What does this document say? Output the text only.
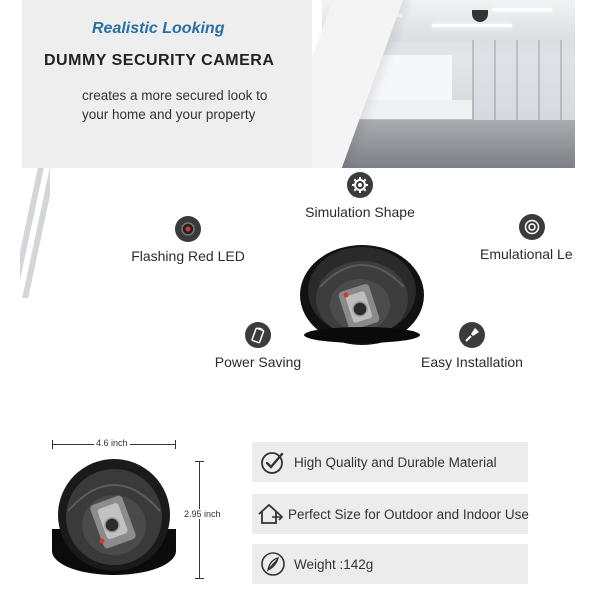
Realistic Looking
DUMMY SECURITY CAMERA
creates a more secured look to your home and your property
Simulation Shape
Flashing Red LED	Emulational Le
Power Saving	Easy Installation
4.6 inch
2.95 inch
High Quality and Durable Material
Perfect Size for Outdoor and Indoor Use
Weight :142g
